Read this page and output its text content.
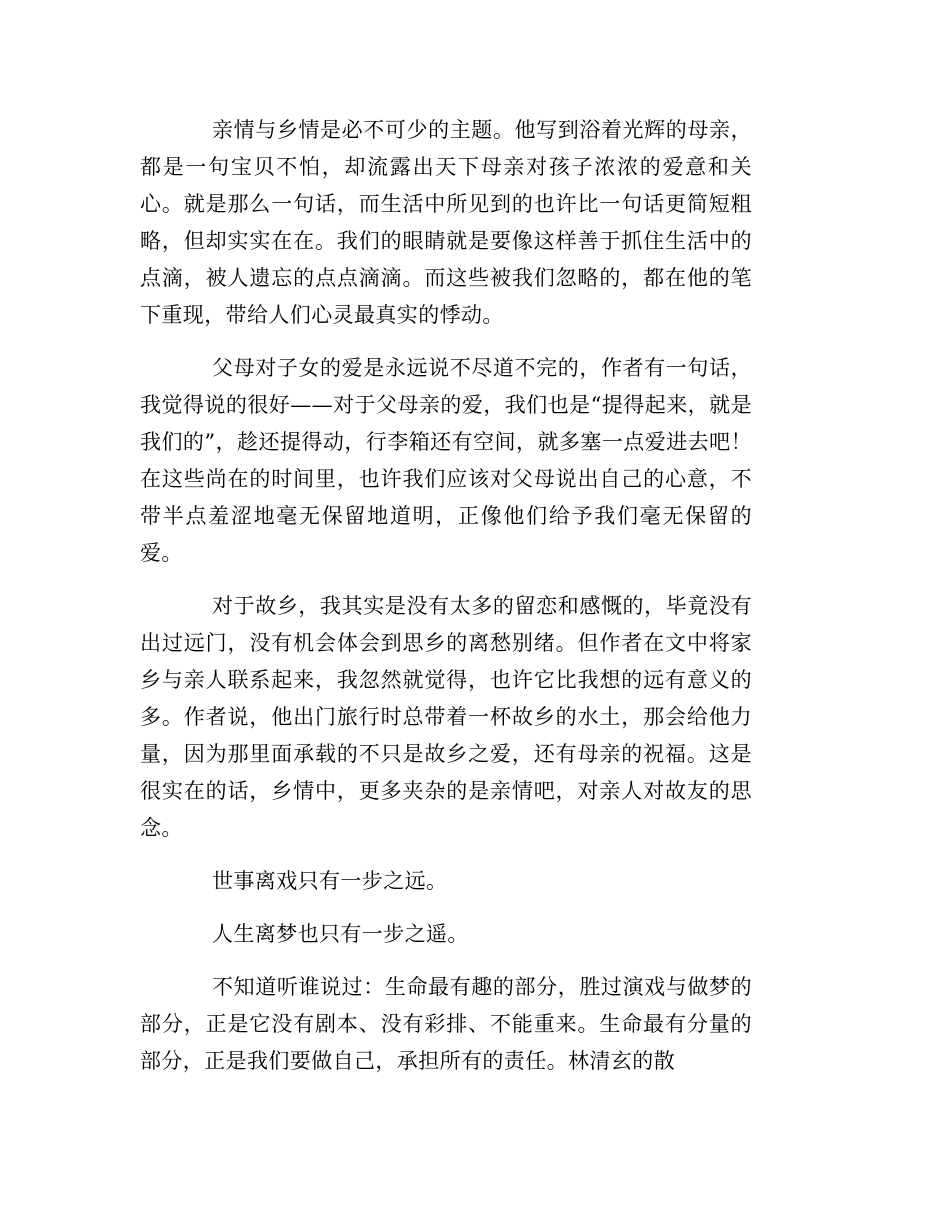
亲情与乡情是必不可少的主题。他写到浴着光辉的母亲，都是一句宝贝不怕，却流露出天下母亲对孩子浓浓的爱意和关心。就是那么一句话，而生活中所见到的也许比一句话更简短粗略，但却实实在在。我们的眼睛就是要像这样善于抓住生活中的点滴，被人遗忘的点点滴滴。而这些被我们忽略的，都在他的笔下重现，带给人们心灵最真实的悸动。

父母对子女的爱是永远说不尽道不完的，作者有一句话，我觉得说的很好——对于父母亲的爱，我们也是“提得起来，就是我们的”，趁还提得动，行李箱还有空间，就多塞一点爱进去吧！在这些尚在的时间里，也许我们应该对父母说出自己的心意，不带半点羞涩地毫无保留地道明，正像他们给予我们毫无保留的爱。

对于故乡，我其实是没有太多的留恋和感慨的，毕竟没有出过远门，没有机会体会到思乡的离愁别绪。但作者在文中将家乡与亲人联系起来，我忽然就觉得，也许它比我想的远有意义的多。作者说，他出门旅行时总带着一杯故乡的水土，那会给他力量，因为那里面承载的不只是故乡之爱，还有母亲的祝福。这是很实在的话，乡情中，更多夹杂的是亲情吧，对亲人对故友的思念。

世事离戏只有一步之远。

人生离梦也只有一步之遥。

不知道听谁说过：生命最有趣的部分，胜过演戏与做梦的部分，正是它没有剧本、没有彩排、不能重来。生命最有分量的部分，正是我们要做自己，承担所有的责任。林清玄的散
